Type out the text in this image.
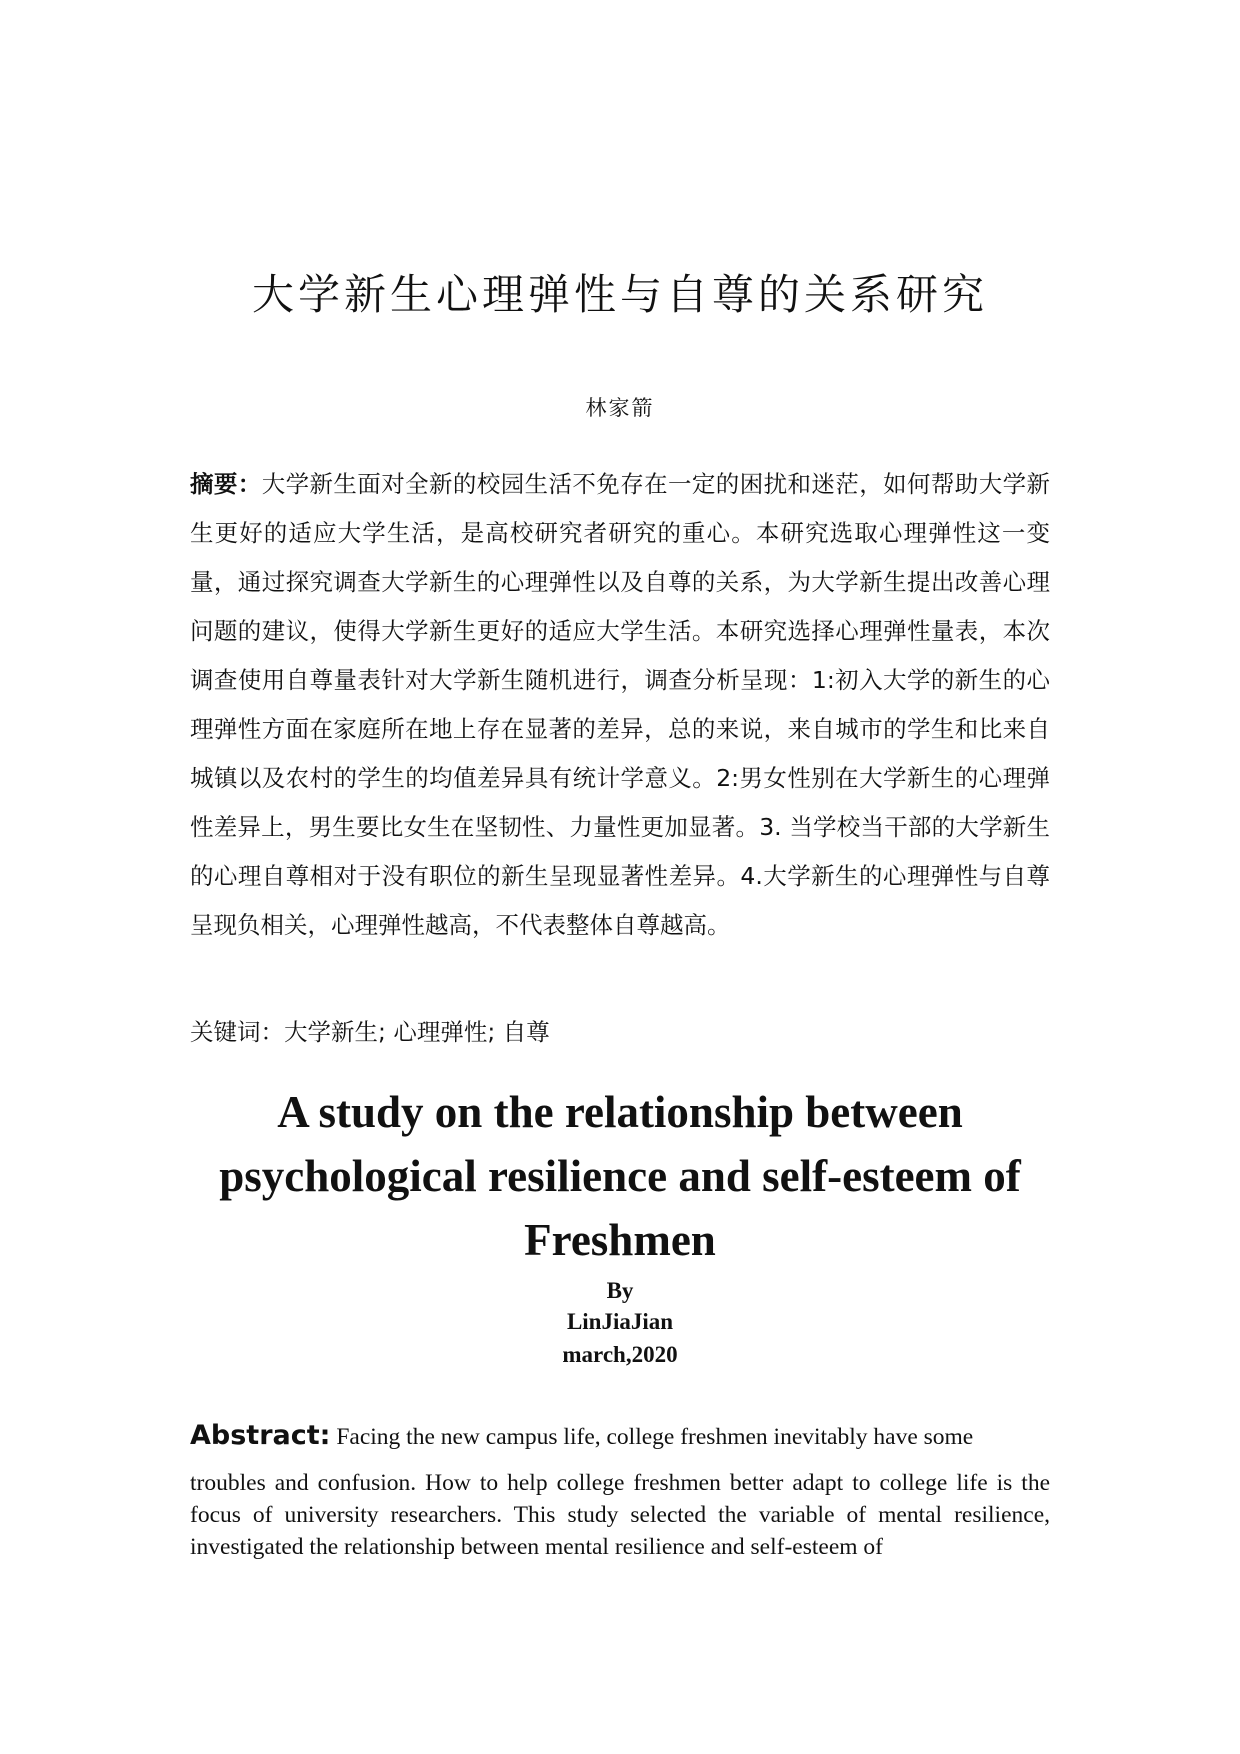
大学新生心理弹性与自尊的关系研究
林家箭
摘要：大学新生面对全新的校园生活不免存在一定的困扰和迷茫，如何帮助大学新生更好的适应大学生活，是高校研究者研究的重心。本研究选取心理弹性这一变量，通过探究调查大学新生的心理弹性以及自尊的关系，为大学新生提出改善心理问题的建议，使得大学新生更好的适应大学生活。本研究选择心理弹性量表，本次调查使用自尊量表针对大学新生随机进行，调查分析呈现：1:初入大学的新生的心理弹性方面在家庭所在地上存在显著的差异，总的来说，来自城市的学生和比来自城镇以及农村的学生的均值差异具有统计学意义。2:男女性别在大学新生的心理弹性差异上，男生要比女生在坚韧性、力量性更加显著。3. 当学校当干部的大学新生的心理自尊相对于没有职位的新生呈现显著性差异。4.大学新生的心理弹性与自尊呈现负相关，心理弹性越高，不代表整体自尊越高。
关键词：大学新生; 心理弹性; 自尊
A study on the relationship between psychological resilience and self-esteem of Freshmen
By
LinJiaJian
march,2020
Abstract: Facing the new campus life, college freshmen inevitably have some
troubles and confusion. How to help college freshmen better adapt to college life is the focus of university researchers. This study selected the variable of mental resilience, investigated the relationship between mental resilience and self-esteem of
